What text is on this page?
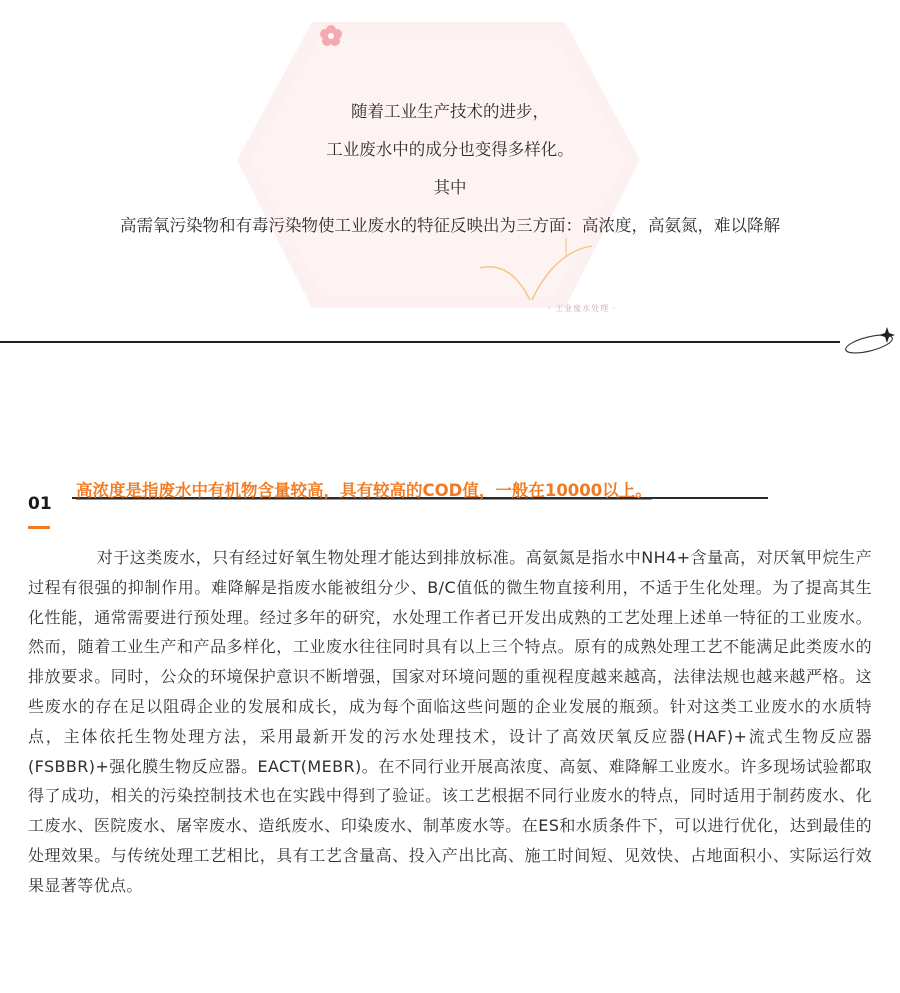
随着工业生产技术的进步，
工业废水中的成分也变得多样化。
其中
高需氧污染物和有毒污染物使工业废水的特征反映出为三方面：高浓度，高氨氮，难以降解
· 工业废水处理 ·
高浓度是指废水中有机物含量较高，具有较高的COD值，一般在10000以上。
01

对于这类废水，只有经过好氧生物处理才能达到排放标准。高氨氮是指水中NH4+含量高，对厌氧甲烷生产过程有很强的抑制作用。难降解是指废水能被组分少、B/C值低的微生物直接利用，不适于生化处理。为了提高其生化性能，通常需要进行预处理。经过多年的研究，水处理工作者已开发出成熟的工艺处理上述单一特征的工业废水。然而，随着工业生产和产品多样化，工业废水往往同时具有以上三个特点。原有的成熟处理工艺不能满足此类废水的排放要求。同时，公众的环境保护意识不断增强，国家对环境问题的重视程度越来越高，法律法规也越来越严格。这些废水的存在足以阻碍企业的发展和成长，成为每个面临这些问题的企业发展的瓶颈。针对这类工业废水的水质特点，主体依托生物处理方法，采用最新开发的污水处理技术，设计了高效厌氧反应器(HAF)+流式生物反应器(FSBBR)+强化膜生物反应器。EACT(MEBR)。在不同行业开展高浓度、高氨、难降解工业废水。许多现场试验都取得了成功，相关的污染控制技术也在实践中得到了验证。该工艺根据不同行业废水的特点，同时适用于制药废水、化工废水、医院废水、屠宰废水、造纸废水、印染废水、制革废水等。在ES和水质条件下，可以进行优化，达到最佳的处理效果。与传统处理工艺相比，具有工艺含量高、投入产出比高、施工时间短、见效快、占地面积小、实际运行效果显著等优点。
